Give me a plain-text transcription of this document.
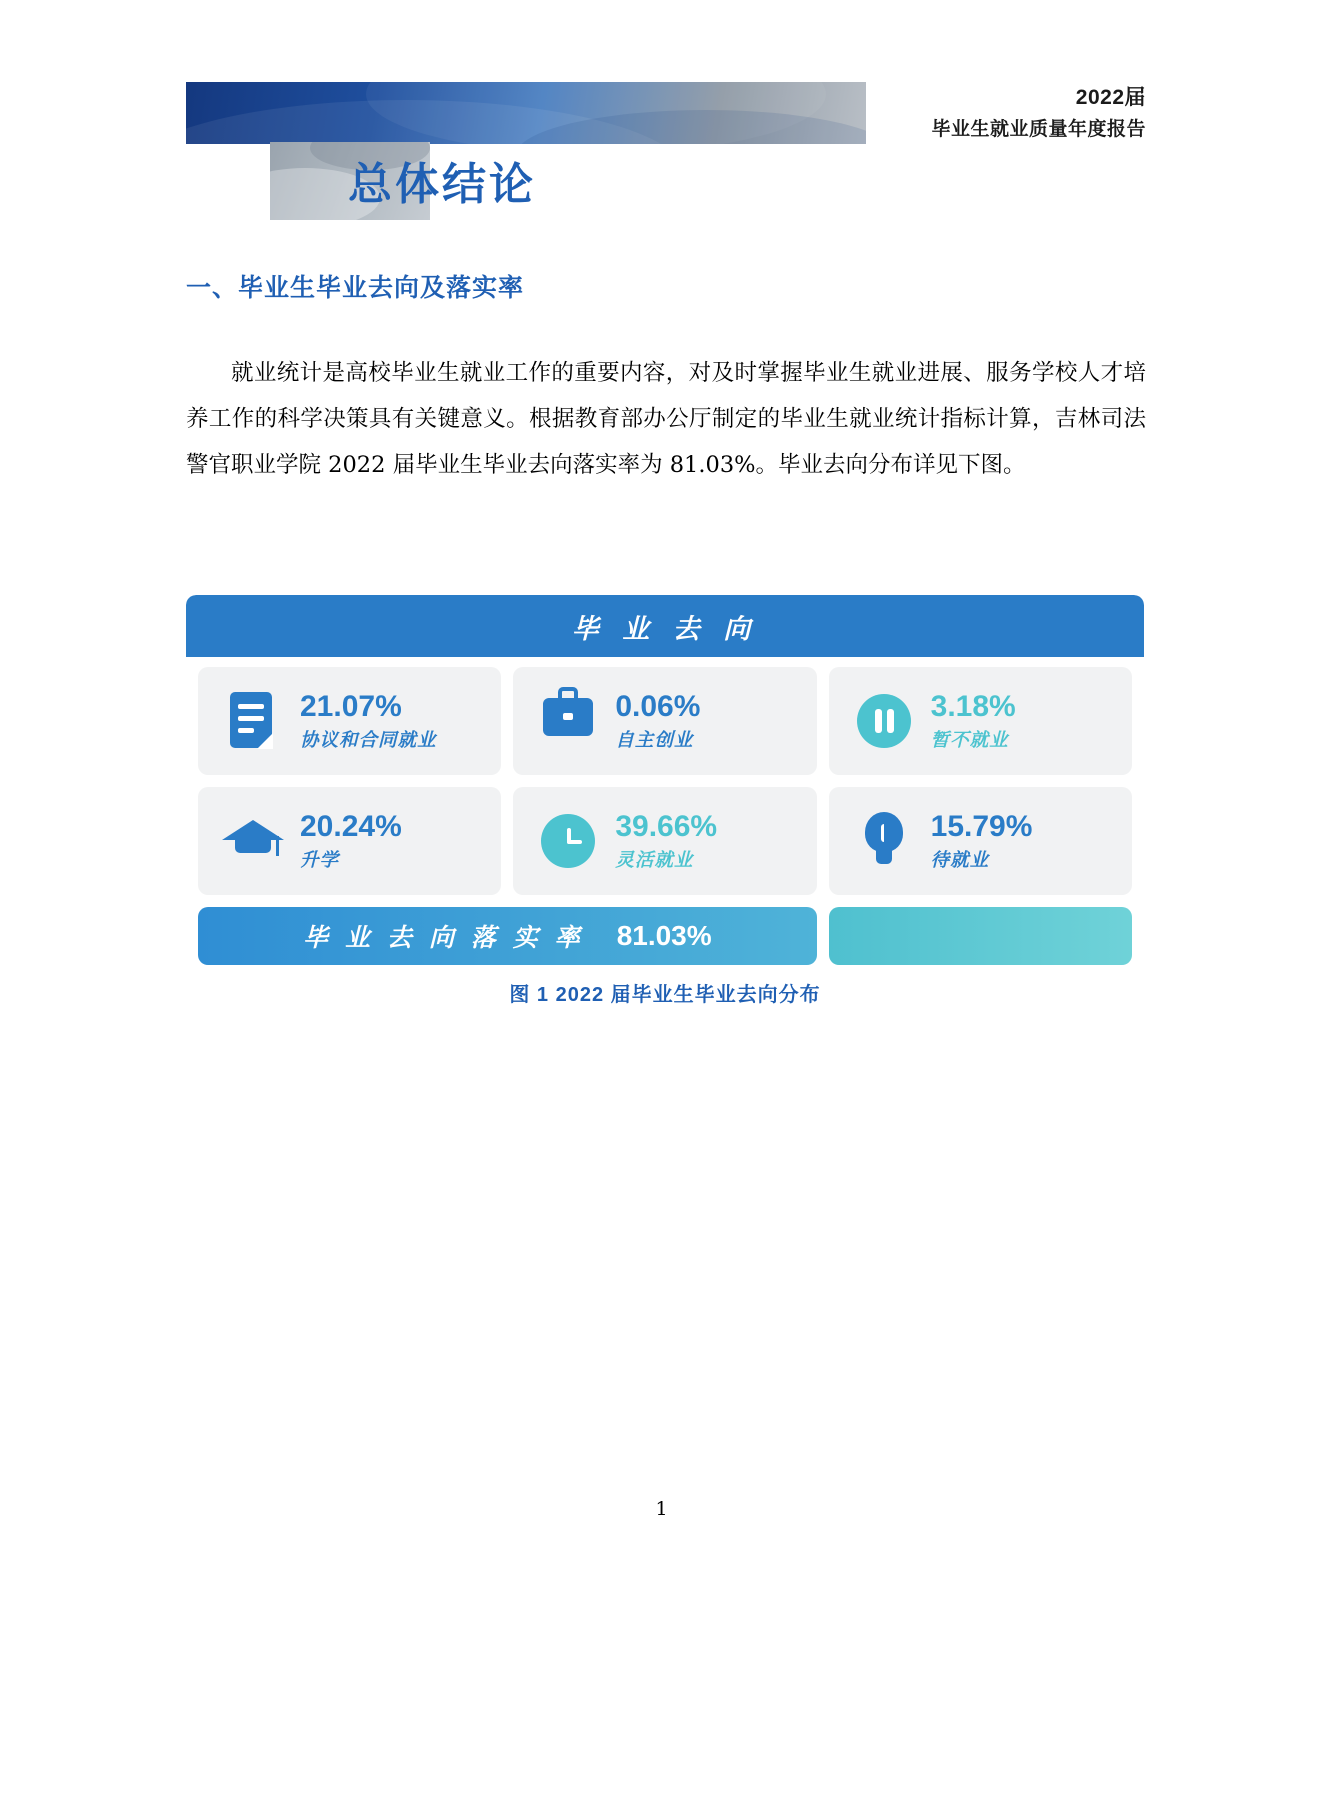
2022届
毕业生就业质量年度报告
总体结论
一、毕业生毕业去向及落实率
就业统计是高校毕业生就业工作的重要内容，对及时掌握毕业生就业进展、服务学校人才培养工作的科学决策具有关键意义。根据教育部办公厅制定的毕业生就业统计指标计算，吉林司法警官职业学院 2022 届毕业生毕业去向落实率为 81.03%。毕业去向分布详见下图。
毕 业 去 向
21.07%
协议和合同就业
0.06%
自主创业
3.18%
暂不就业
20.24%
升学
39.66%
灵活就业
15.79%
待就业
毕 业 去 向 落 实 率 81.03%
图 1 2022 届毕业生毕业去向分布
1
